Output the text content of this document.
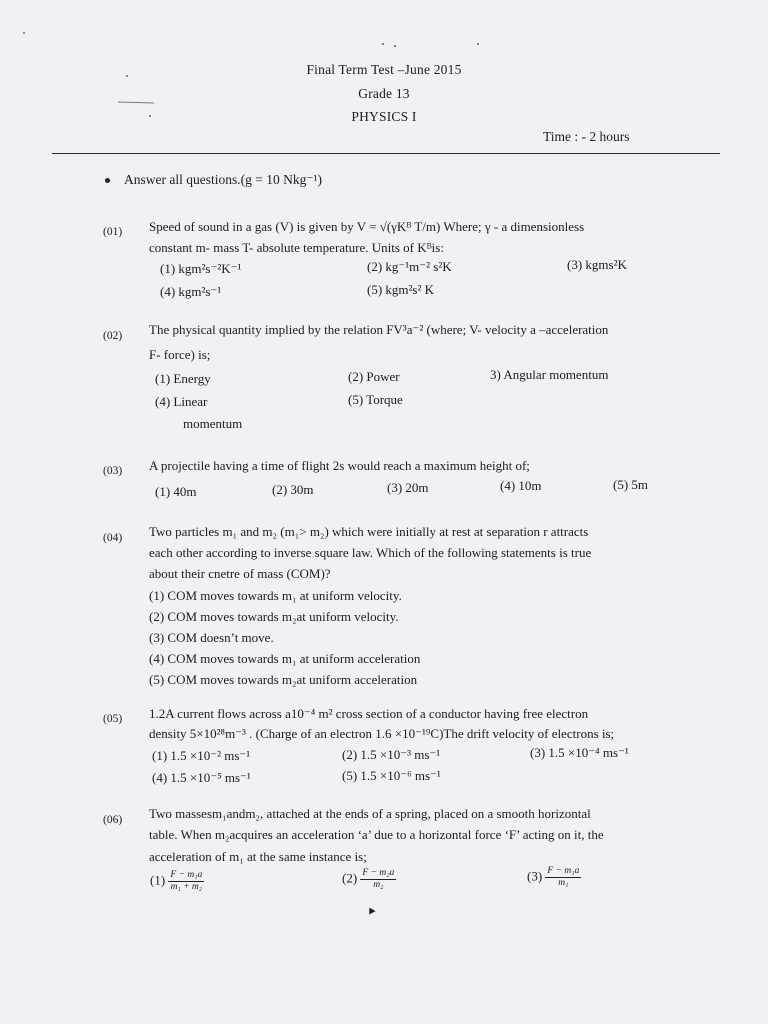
Final Term Test –June 2015
Grade 13
PHYSICS I
Time : - 2 hours
Answer all questions.(g = 10 Nkg⁻¹)
(01) Speed of sound in a gas (V) is given by V = √(γKᴮ T/m) Where; γ - a dimensionless
constant m- mass T- absolute temperature. Units of Kᴮis:
(1) kgm²s⁻²K⁻¹	(2) kg⁻¹m⁻² s²K	(3) kgms²K
(4) kgm²s⁻¹	(5) kgm²s² K
(02) The physical quantity implied by the relation FV³a⁻² (where; V- velocity a –acceleration
F- force) is;
(1) Energy	(2) Power	3) Angular momentum
(4) Linear	(5) Torque
momentum
(03) A projectile having a time of flight 2s would reach a maximum height of;
(1) 40m	(2) 30m	(3) 20m	(4) 10m	(5) 5m
(04) Two particles m₁ and m₂ (m₁> m₂) which were initially at rest at separation r attracts
each other according to inverse square law. Which of the following statements is true
about their cnetre of mass (COM)?
(1) COM moves towards m₁ at uniform velocity.
(2) COM moves towards m₂at uniform velocity.
(3) COM doesn’t move.
(4) COM moves towards m₁ at uniform acceleration
(5) COM moves towards m₂at uniform acceleration
(05) 1.2A current flows across a10⁻⁴ m² cross section of a conductor having free electron
density 5×10²⁸m⁻³ . (Charge of an electron 1.6 ×10⁻¹⁹C)The drift velocity of electrons is;
(1) 1.5 ×10⁻² ms⁻¹	(2) 1.5 ×10⁻³ ms⁻¹	(3) 1.5 ×10⁻⁴ ms⁻¹
(4) 1.5 ×10⁻⁵ ms⁻¹	(5) 1.5 ×10⁻⁶ ms⁻¹
(06) Two massesm₁andm₂, attached at the ends of a spring, placed on a smooth horizontal
table. When m₂acquires an acceleration ‘a’ due to a horizontal force ‘F’ acting on it, the
acceleration of m₁ at the same instance is;
$(1) \frac{\text{F − m₁a}}{\text{m₁ + m₂}}$	$(2) \frac{\text{F − m₂a}}{\text{m₂}}$	$(3) \frac{\text{F − m₁a}}{\text{m₁}}$
‣
